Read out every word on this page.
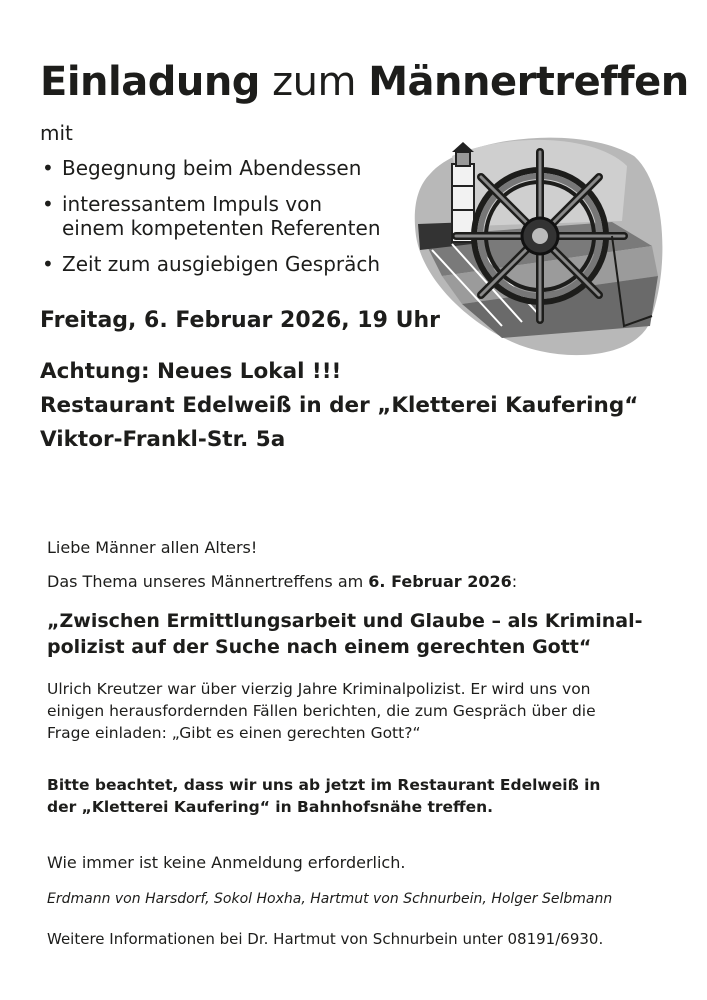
Einladung zum Männertreffen
mit
• Begegnung beim Abendessen
• interessantem Impuls von
einem kompetenten Referenten
• Zeit zum ausgiebigen Gespräch
Freitag, 6. Februar 2026, 19 Uhr
Achtung: Neues Lokal !!!
Restaurant Edelweiß in der „Kletterei Kaufering“
Viktor-Frankl-Str. 5a
Liebe Männer allen Alters!
Das Thema unseres Männertreffens am 6. Februar 2026:
„Zwischen Ermittlungsarbeit und Glaube – als Kriminal-
polizist auf der Suche nach einem gerechten Gott“
Ulrich Kreutzer war über vierzig Jahre Kriminalpolizist. Er wird uns von
einigen herausfordernden Fällen berichten, die zum Gespräch über die
Frage einladen: „Gibt es einen gerechten Gott?“
Bitte beachtet, dass wir uns ab jetzt im Restaurant Edelweiß in
der „Kletterei Kaufering“ in Bahnhofsnähe treffen.
Wie immer ist keine Anmeldung erforderlich.
Erdmann von Harsdorf, Sokol Hoxha, Hartmut von Schnurbein, Holger Selbmann
Weitere Informationen bei Dr. Hartmut von Schnurbein unter 08191/6930.
